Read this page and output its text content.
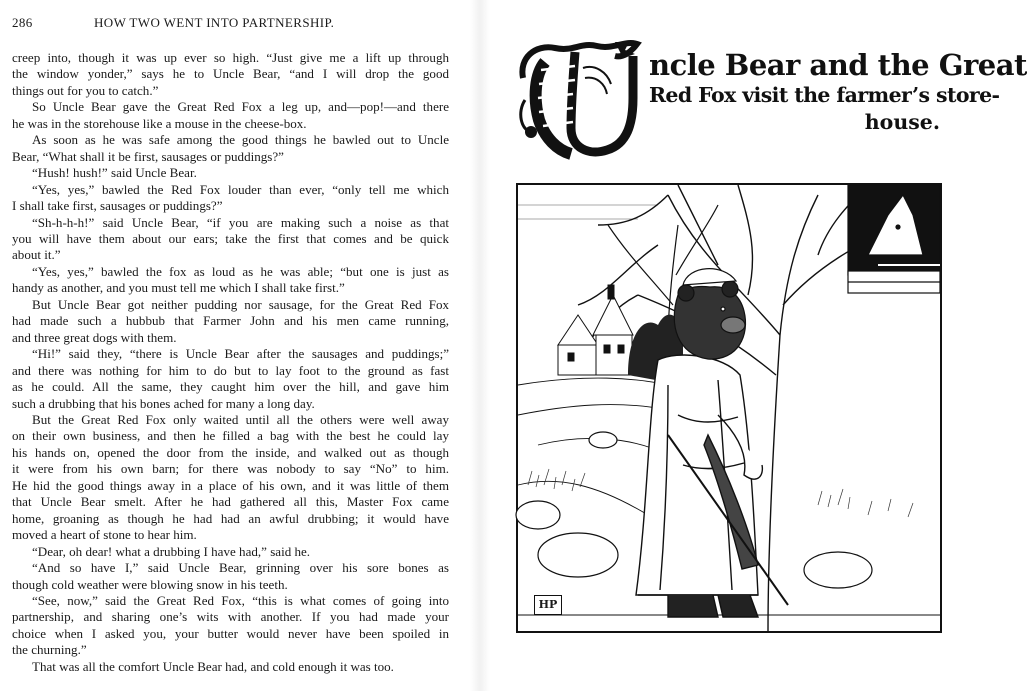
286	HOW TWO WENT INTO PARTNERSHIP.

creep into, though it was up ever so high. “Just give me a lift up through

the window yonder,” says he to Uncle Bear, “and I will drop the good

things out for you to catch.”

So Uncle Bear gave the Great Red Fox a leg up, and—pop!—and there

he was in the storehouse like a mouse in the cheese-box.

As soon as he was safe among the good things he bawled out to Uncle

Bear, “What shall it be first, sausages or puddings?”

“Hush! hush!” said Uncle Bear.

“Yes, yes,” bawled the Red Fox louder than ever, “only tell me which

I shall take first, sausages or puddings?”

“Sh-h-h-h!” said Uncle Bear, “if you are making such a noise as that

you will have them about our ears; take the first that comes and be quick

about it.”

“Yes, yes,” bawled the fox as loud as he was able; “but one is just as

handy as another, and you must tell me which I shall take first.”

But Uncle Bear got neither pudding nor sausage, for the Great Red Fox

had made such a hubbub that Farmer John and his men came running,

and three great dogs with them.

“Hi!” said they, “there is Uncle Bear after the sausages and puddings;”

and there was nothing for him to do but to lay foot to the ground as fast

as he could. All the same, they caught him over the hill, and gave him

such a drubbing that his bones ached for many a long day.

But the Great Red Fox only waited until all the others were well away

on their own business, and then he filled a bag with the best he could lay

his hands on, opened the door from the inside, and walked out as though

it were from his own barn; for there was nobody to say “No” to him.

He hid the good things away in a place of his own, and it was little of them

that Uncle Bear smelt. After he had gathered all this, Master Fox came

home, groaning as though he had had an awful drubbing; it would have

moved a heart of stone to hear him.

“Dear, oh dear! what a drubbing I have had,” said he.

“And so have I,” said Uncle Bear, grinning over his sore bones as

though cold weather were blowing snow in his teeth.

“See, now,” said the Great Red Fox, “this is what comes of going into

partnership, and sharing one’s wits with another. If you had made your

choice when I asked you, your butter would never have been spoiled in

the churning.”

That was all the comfort Uncle Bear had, and cold enough it was too.

ncle Bear and the Great
Red Fox visit the farmer’s store-
house.
HP
